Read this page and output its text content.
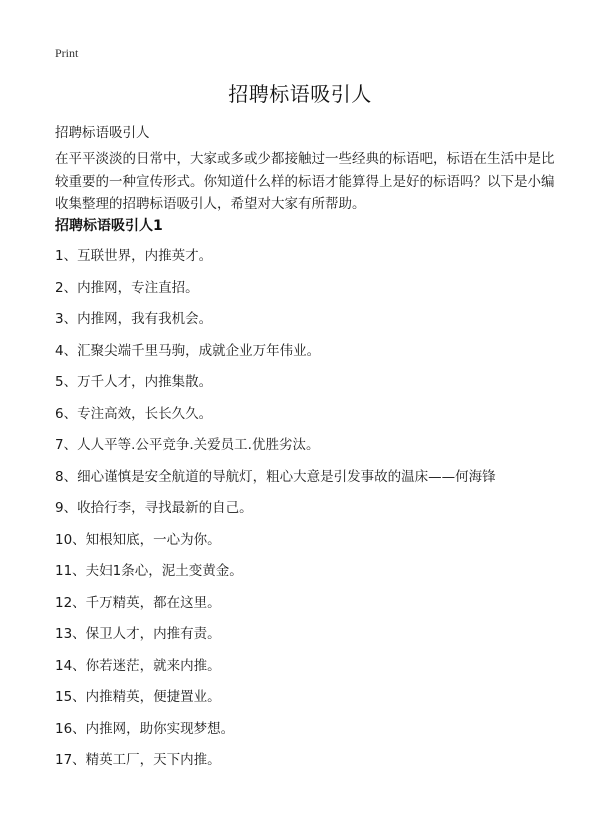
Print
招聘标语吸引人
招聘标语吸引人
在平平淡淡的日常中，大家或多或少都接触过一些经典的标语吧，标语在生活中是比较重要的一种宣传形式。你知道什么样的标语才能算得上是好的标语吗？以下是小编收集整理的招聘标语吸引人，希望对大家有所帮助。
招聘标语吸引人1
1、互联世界，内推英才。
2、内推网，专注直招。
3、内推网，我有我机会。
4、汇聚尖端千里马驹，成就企业万年伟业。
5、万千人才，内推集散。
6、专注高效，长长久久。
7、人人平等.公平竞争.关爱员工.优胜劣汰。
8、细心谨慎是安全航道的导航灯，粗心大意是引发事故的温床——何海锋
9、收拾行李，寻找最新的自己。
10、知根知底，一心为你。
11、夫妇1条心，泥土变黄金。
12、千万精英，都在这里。
13、保卫人才，内推有责。
14、你若迷茫，就来内推。
15、内推精英，便捷置业。
16、内推网，助你实现梦想。
17、精英工厂，天下内推。
